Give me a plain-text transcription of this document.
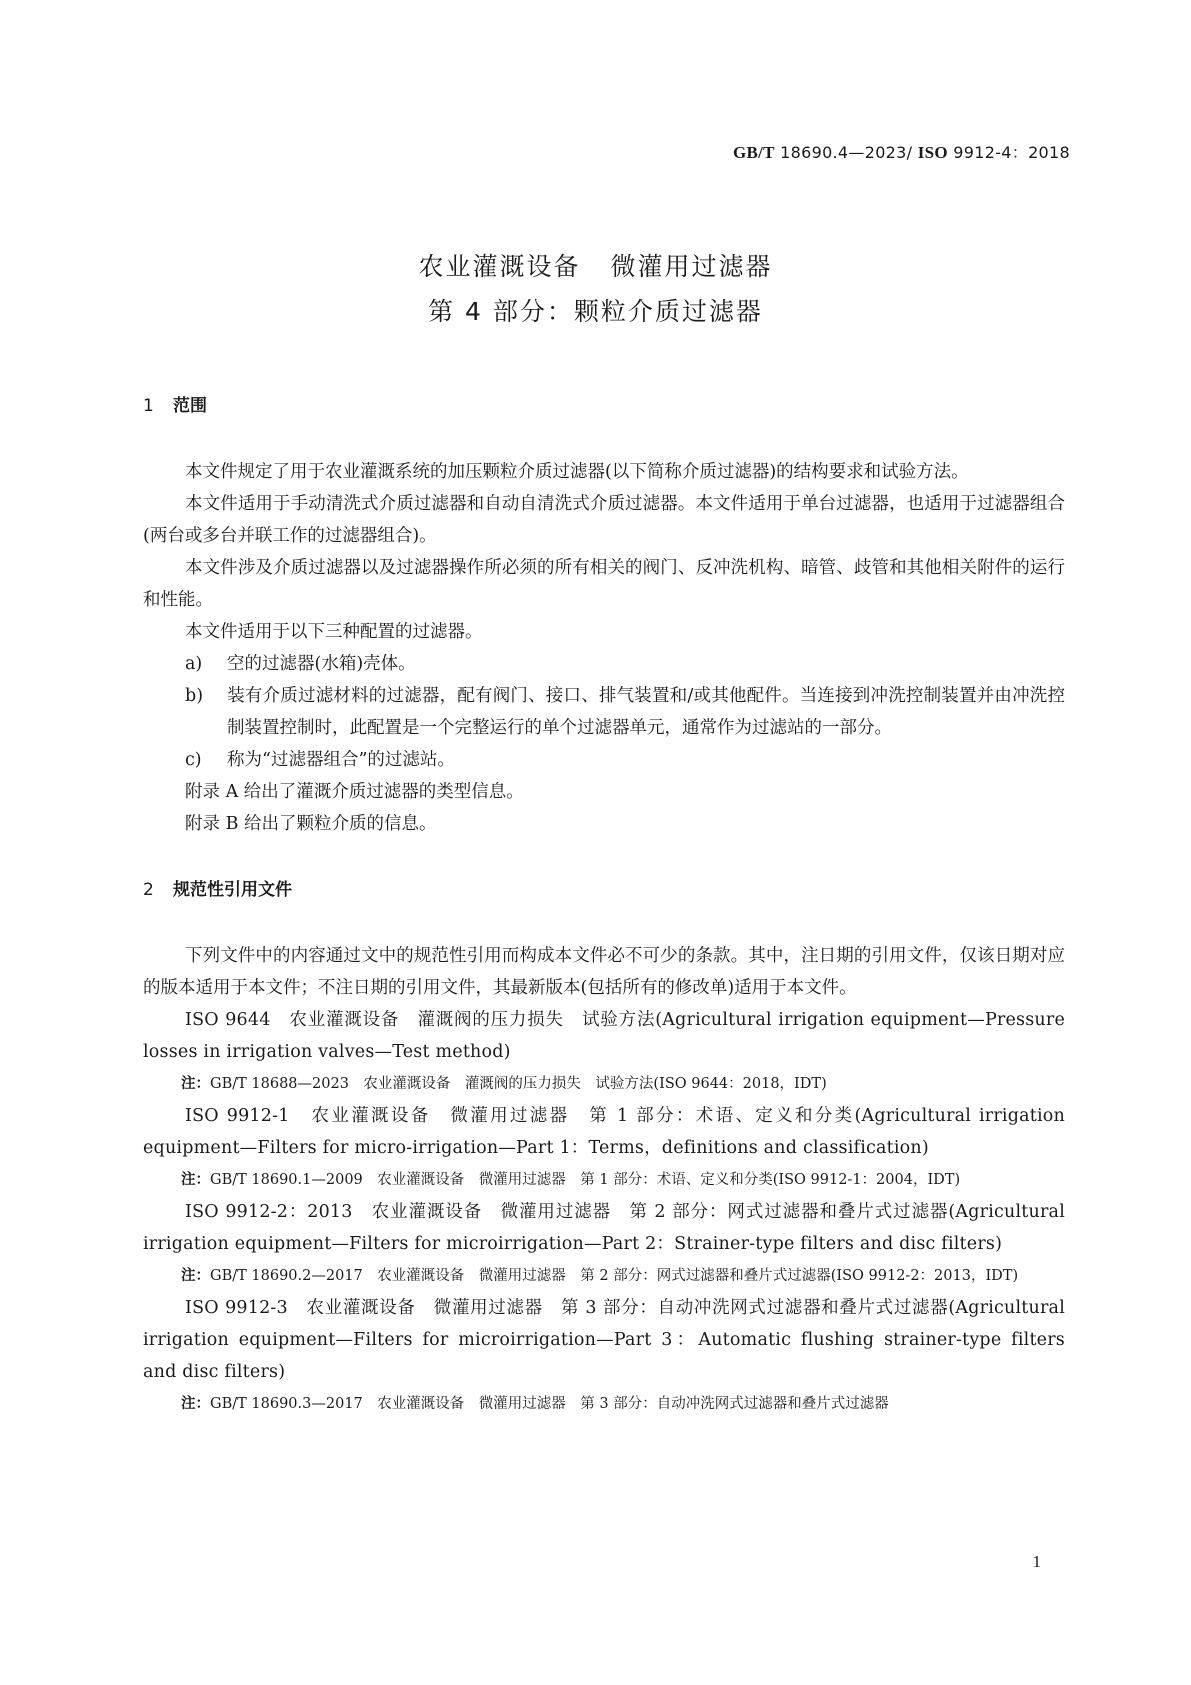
GB/T 18690.4—2023/ ISO 9912-4：2018
农业灌溉设备 微灌用过滤器
第 4 部分：颗粒介质过滤器
1 范围

本文件规定了用于农业灌溉系统的加压颗粒介质过滤器(以下简称介质过滤器)的结构要求和试验方法。

本文件适用于手动清洗式介质过滤器和自动自清洗式介质过滤器。本文件适用于单台过滤器，也适用于过滤器组合(两台或多台并联工作的过滤器组合)。

本文件涉及介质过滤器以及过滤器操作所必须的所有相关的阀门、反冲洗机构、暗管、歧管和其他相关附件的运行和性能。

本文件适用于以下三种配置的过滤器。

a) 空的过滤器(水箱)壳体。
b) 装有介质过滤材料的过滤器，配有阀门、接口、排气装置和/或其他配件。当连接到冲洗控制装置并由冲洗控制装置控制时，此配置是一个完整运行的单个过滤器单元，通常作为过滤站的一部分。
c) 称为“过滤器组合”的过滤站。

附录 A 给出了灌溉介质过滤器的类型信息。

附录 B 给出了颗粒介质的信息。

2 规范性引用文件

下列文件中的内容通过文中的规范性引用而构成本文件必不可少的条款。其中，注日期的引用文件，仅该日期对应的版本适用于本文件；不注日期的引用文件，其最新版本(包括所有的修改单)适用于本文件。

ISO 9644　农业灌溉设备　灌溉阀的压力损失　试验方法(Agricultural irrigation equipment—Pressure losses in irrigation valves—Test method)

注：GB/T 18688—2023　农业灌溉设备　灌溉阀的压力损失　试验方法(ISO 9644：2018，IDT)

ISO 9912-1　农业灌溉设备　微灌用过滤器　第 1 部分：术语、定义和分类(Agricultural irrigation equipment—Filters for micro-irrigation—Part 1：Terms，definitions and classification)

注：GB/T 18690.1—2009　农业灌溉设备　微灌用过滤器　第 1 部分：术语、定义和分类(ISO 9912-1：2004，IDT)

ISO 9912-2：2013　农业灌溉设备　微灌用过滤器　第 2 部分：网式过滤器和叠片式过滤器(Agricultural irrigation equipment—Filters for microirrigation—Part 2：Strainer-type filters and disc filters)

注：GB/T 18690.2—2017　农业灌溉设备　微灌用过滤器　第 2 部分：网式过滤器和叠片式过滤器(ISO 9912-2：2013，IDT)

ISO 9912-3　农业灌溉设备　微灌用过滤器　第 3 部分：自动冲洗网式过滤器和叠片式过滤器(Agricultural irrigation equipment—Filters for microirrigation—Part 3：Automatic flushing strainer-type filters and disc filters)

注：GB/T 18690.3—2017　农业灌溉设备　微灌用过滤器　第 3 部分：自动冲洗网式过滤器和叠片式过滤器
1
